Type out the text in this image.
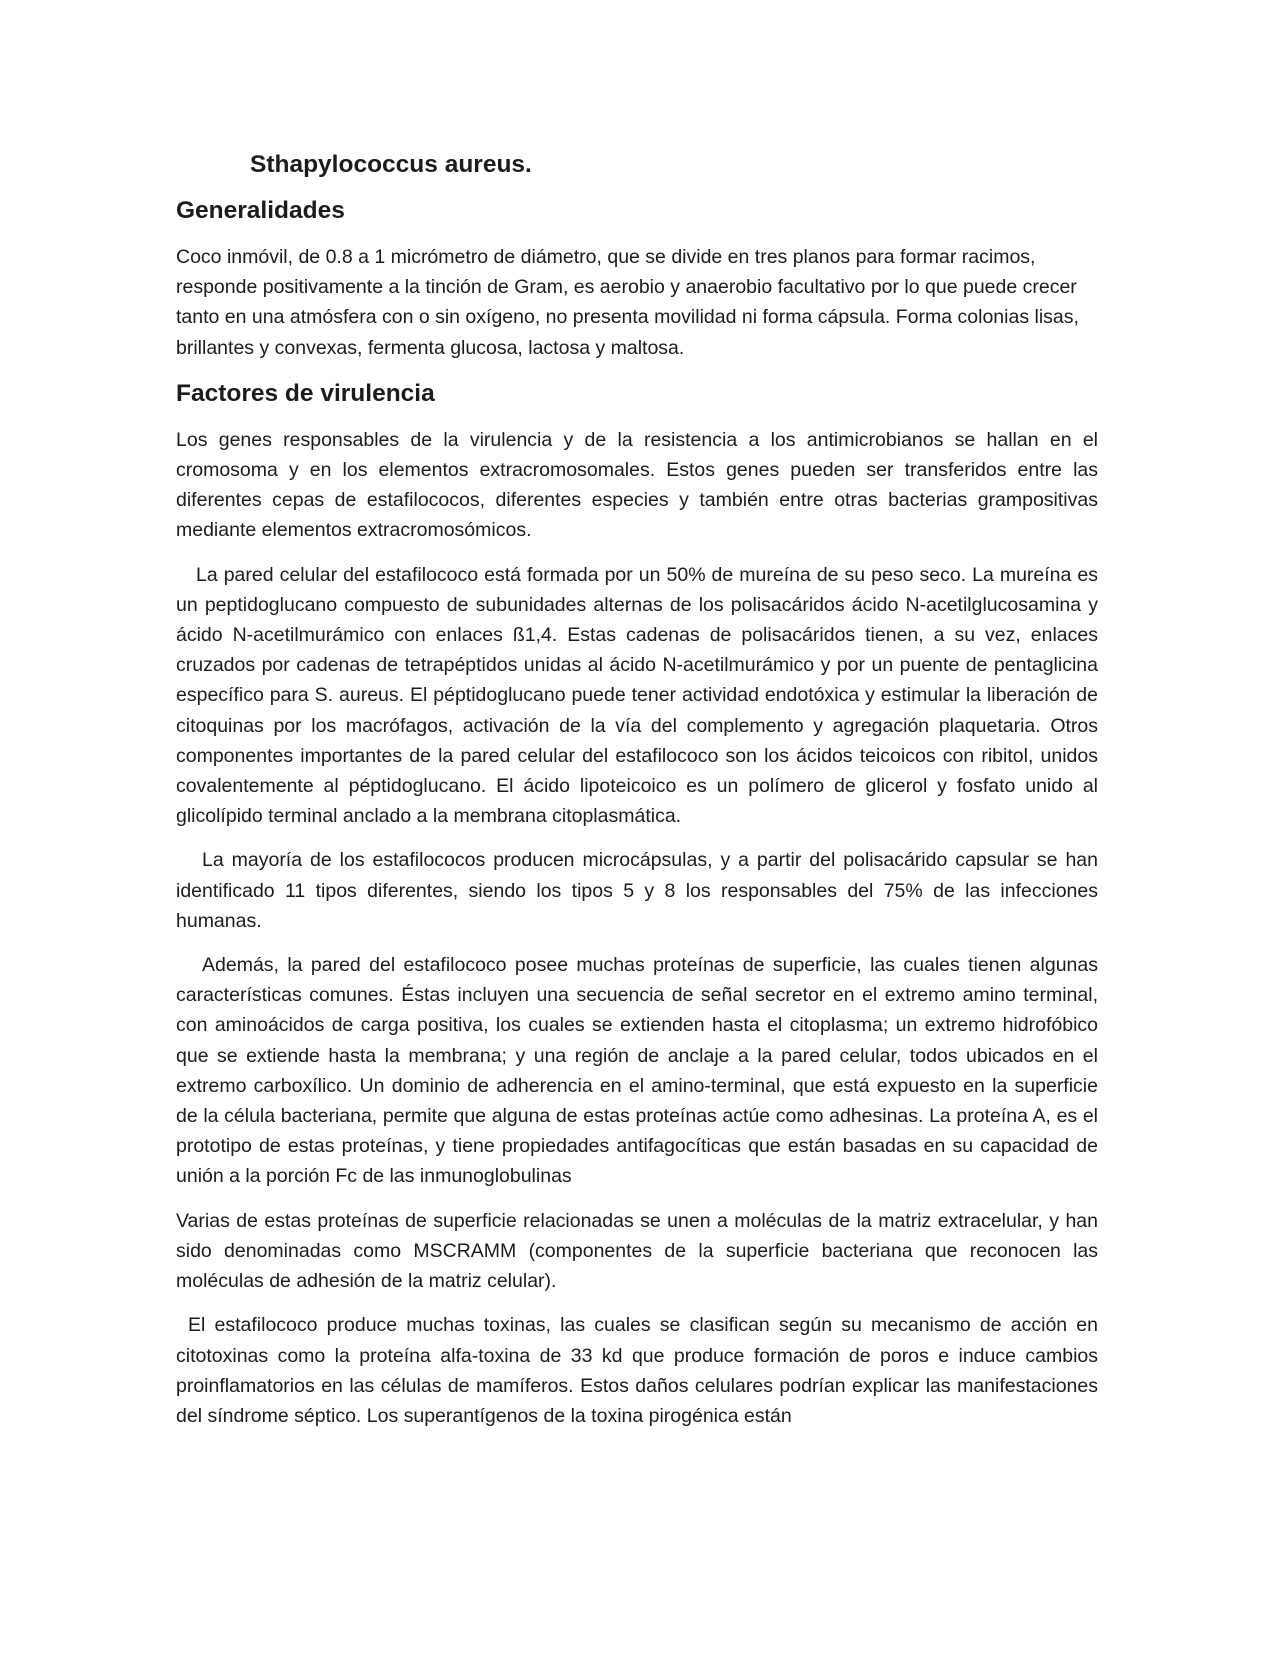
Sthapylococcus aureus.
Generalidades

Coco inmóvil, de 0.8 a 1 micrómetro de diámetro, que se divide en tres planos para formar racimos, responde positivamente a la tinción de Gram, es aerobio y anaerobio facultativo por lo que puede crecer tanto en una atmósfera con o sin oxígeno, no presenta movilidad ni forma cápsula. Forma colonias lisas, brillantes y convexas, fermenta glucosa, lactosa y maltosa.

Factores de virulencia

Los genes responsables de la virulencia y de la resistencia a los antimicrobianos se hallan en el cromosoma y en los elementos extracromosomales. Estos genes pueden ser transferidos entre las diferentes cepas de estafilococos, diferentes especies y también entre otras bacterias grampositivas mediante elementos extracromosómicos.

La pared celular del estafilococo está formada por un 50% de mureína de su peso seco. La mureína es un peptidoglucano compuesto de subunidades alternas de los polisacáridos ácido N-acetilglucosamina y ácido N-acetilmurámico con enlaces ß1,4. Estas cadenas de polisacáridos tienen, a su vez, enlaces cruzados por cadenas de tetrapéptidos unidas al ácido N-acetilmurámico y por un puente de pentaglicina específico para S. aureus. El péptidoglucano puede tener actividad endotóxica y estimular la liberación de citoquinas por los macrófagos, activación de la vía del complemento y agregación plaquetaria. Otros componentes importantes de la pared celular del estafilococo son los ácidos teicoicos con ribitol, unidos covalentemente al péptidoglucano. El ácido lipoteicoico es un polímero de glicerol y fosfato unido al glicolípido terminal anclado a la membrana citoplasmática.

La mayoría de los estafilococos producen microcápsulas, y a partir del polisacárido capsular se han identificado 11 tipos diferentes, siendo los tipos 5 y 8 los responsables del 75% de las infecciones humanas.

Además, la pared del estafilococo posee muchas proteínas de superficie, las cuales tienen algunas características comunes. Éstas incluyen una secuencia de señal secretor en el extremo amino terminal, con aminoácidos de carga positiva, los cuales se extienden hasta el citoplasma; un extremo hidrofóbico que se extiende hasta la membrana; y una región de anclaje a la pared celular, todos ubicados en el extremo carboxílico. Un dominio de adherencia en el amino-terminal, que está expuesto en la superficie de la célula bacteriana, permite que alguna de estas proteínas actúe como adhesinas. La proteína A, es el prototipo de estas proteínas, y tiene propiedades antifagocíticas que están basadas en su capacidad de unión a la porción Fc de las inmunoglobulinas

Varias de estas proteínas de superficie relacionadas se unen a moléculas de la matriz extracelular, y han sido denominadas como MSCRAMM (componentes de la superficie bacteriana que reconocen las moléculas de adhesión de la matriz celular).

El estafilococo produce muchas toxinas, las cuales se clasifican según su mecanismo de acción en citotoxinas como la proteína alfa-toxina de 33 kd que produce formación de poros e induce cambios proinflamatorios en las células de mamíferos. Estos daños celulares podrían explicar las manifestaciones del síndrome séptico. Los superantígenos de la toxina pirogénica están
